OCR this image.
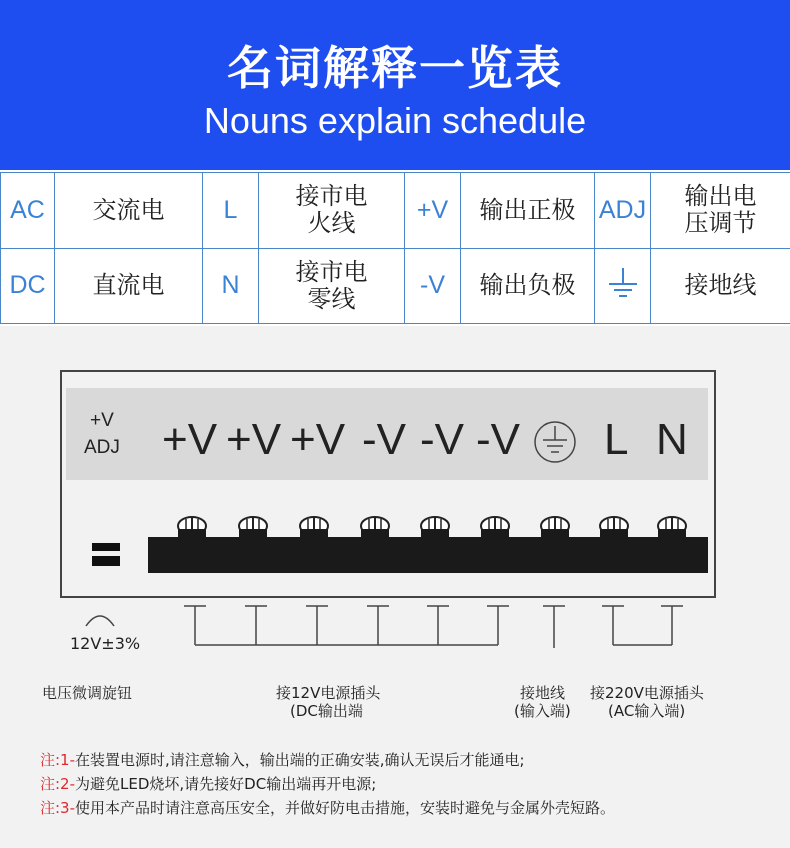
名词解释一览表
Nouns explain schedule
AC	交流电	L	接市电火线	+V	输出正极	ADJ	输出电压调节

DC	直流电	N	接市电零线	-V	输出负极		接地线
+V
ADJ +V +V +V -V -V -V L N
12V±3%
电压微调旋钮	接12V电源插头
(DC输出端
接地线
(输入端)
接220V电源插头
(AC输入端)
注:1-在装置电源时,请注意输入，输出端的正确安装,确认无误后才能通电;
注:2-为避免LED烧坏,请先接好DC输出端再开电源;
注:3-使用本产品时请注意高压安全，并做好防电击措施，安装时避免与金属外壳短路。
